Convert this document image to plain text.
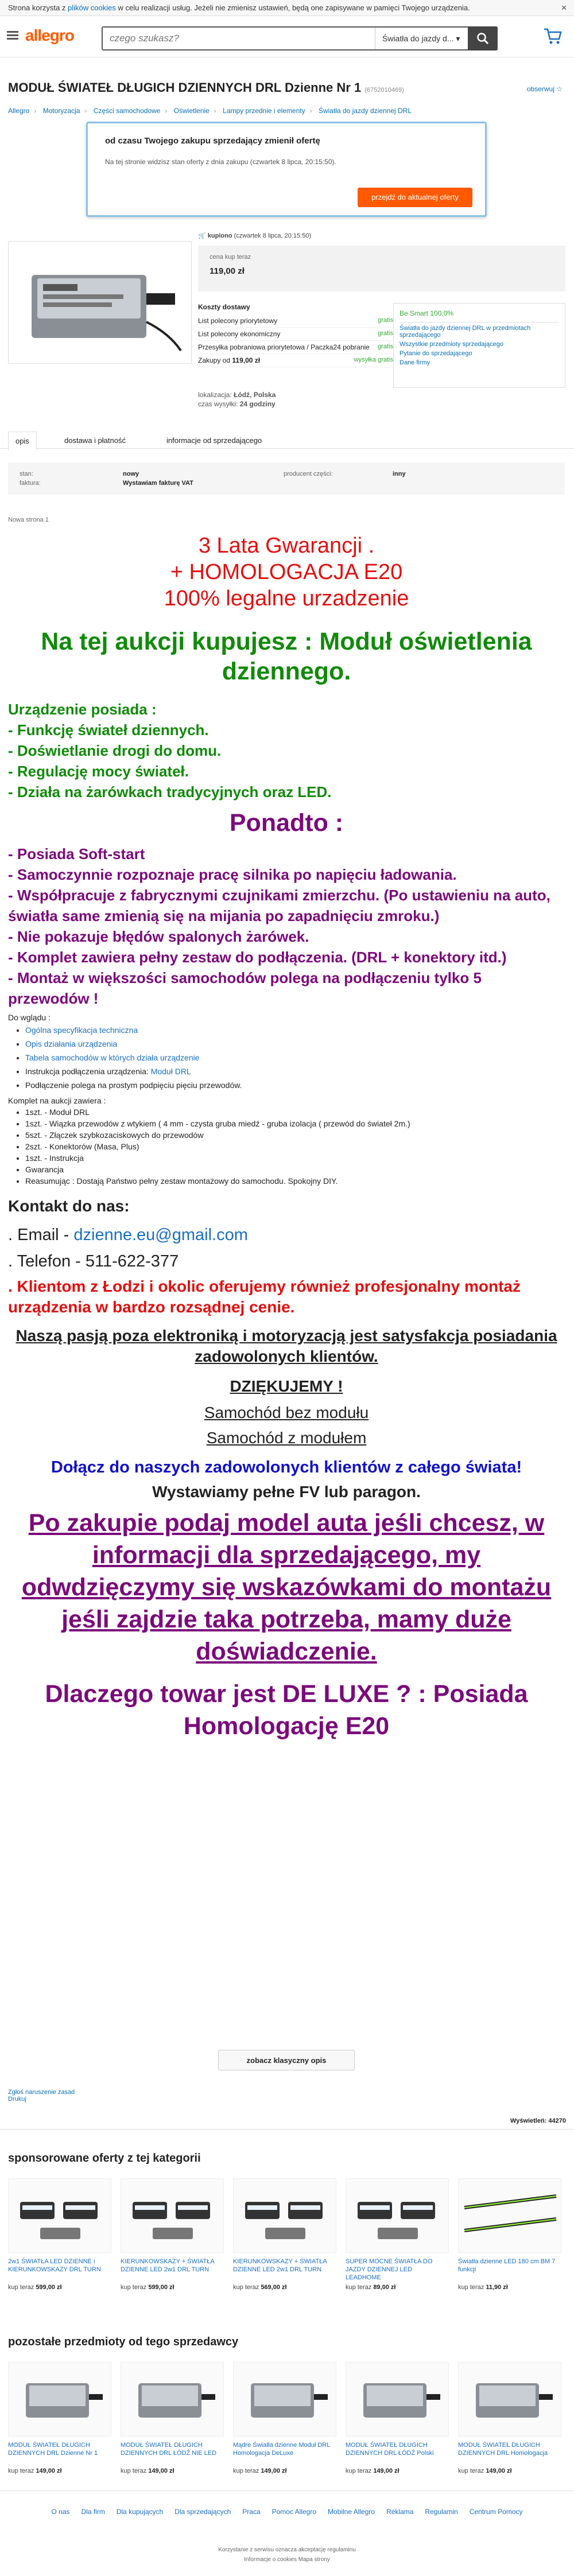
Strona korzysta z plików cookies w celu realizacji usług. Jeżeli nie zmienisz ustawień, będą one zapisywane w pamięci Twojego urządzenia.	✕
allegro
czego szukasz?	Światła do jazdy d... ▾
MODUŁ ŚWIATEŁ DŁUGICH DZIENNYCH DRL Dzienne Nr 1 (6752010469)	obserwuj ☆
Allegro › Motoryzacja › Części samochodowe › Oświetlenie › Lampy przednie i elementy › Światła do jazdy dziennej DRL
od czasu Twojego zakupu sprzedający zmienił ofertę

Na tej stronie widzisz stan oferty z dnia zakupu (czwartek 8 lipca, 20:15:50).

przejdź do aktualnej oferty
🛒 kupiono (czwartek 8 lipca, 20:15:50)
cena kup teraz
119,00 zł
Koszty dostawy
List polecony priorytetowy	gratis
List polecony ekonomiczny	gratis
Przesyłka pobraniowa priorytetowa / Paczka24 pobranie gratis
Zakupy od 119,00 zł	wysyłka gratis
lokalizacja: Łódź, Polska
czas wysyłki: 24 godziny
Be Smart 100,0%
Światła do jazdy dziennej DRL w przedmiotach sprzedającego
Wszystkie przedmioty sprzedającego
Pytanie do sprzedającego
Dane firmy
opis	dostawa i płatność	informacje od sprzedającego
stan:	nowy
faktura:	Wystawiam fakturę VAT
producent części:	inny
Nowa strona 1
3 Lata Gwarancji .
+ HOMOLOGACJA E20
100% legalne urzadzenie
Na tej aukcji kupujesz : Moduł oświetlenia dziennego.
Urządzenie posiada :
- Funkcję świateł dziennych.
- Doświetlanie drogi do domu.
- Regulację mocy świateł.
- Działa na żarówkach tradycyjnych oraz LED.
Ponadto :
- Posiada Soft-start
- Samoczynnie rozpoznaje pracę silnika po napięciu ładowania.
- Współpracuje z fabrycznymi czujnikami zmierzchu. (Po ustawieniu na auto, światła same zmienią się na mijania po zapadnięciu zmroku.)
- Nie pokazuje błędów spalonych żarówek.
- Komplet zawiera pełny zestaw do podłączenia. (DRL + konektory itd.)
- Montaż w większości samochodów polega na podłączeniu tylko 5 przewodów !
Do wglądu :
• Ogólna specyfikacja techniczna
• Opis działania urządzenia
• Tabela samochodów w których działa urządzenie
• Instrukcja podłączenia urządzenia: Moduł DRL
• Podłączenie polega na prostym podpięciu pięciu przewodów.
Komplet na aukcji zawiera :
• 1szt. - Moduł DRL
• 1szt. - Wiązka przewodów z wtykiem ( 4 mm - czysta gruba miedź - gruba izolacja ( przewód do świateł 2m.)
• 5szt. - Złączek szybkozaciskowych do przewodów
• 2szt. - Konektorów (Masa, Plus)
• 1szt. - Instrukcja
• Gwarancja
• Reasumując : Dostają Państwo pełny zestaw montażowy do samochodu. Spokojny DIY.
Kontakt do nas:
. Email - dzienne.eu@gmail.com
. Telefon - 511-622-377
. Klientom z Łodzi i okolic oferujemy również profesjonalny montaż urządzenia w bardzo rozsądnej cenie.
Naszą pasją poza elektroniką i motoryzacją jest satysfakcja posiadania zadowolonych klientów.
DZIĘKUJEMY !
Samochód bez modułu
Samochód z modułem
Dołącz do naszych zadowolonych klientów z całego świata!
Wystawiamy pełne FV lub paragon.
Po zakupie podaj model auta jeśli chcesz, w informacji dla sprzedającego, my odwdzięczymy się wskazówkami do montażu jeśli zajdzie taka potrzeba, mamy duże doświadczenie.
Dlaczego towar jest DE LUXE ? : Posiada Homologację E20
zobacz klasyczny opis
Zgłoś naruszenie zasad
Drukuj
Wyświetleń: 44270
sponsorowane oferty z tej kategorii
pozostałe przedmioty od tego sprzedawcy
O nas Dla firm Dla kupujących Dla sprzedających Praca Pomoc Allegro Mobilne Allegro Reklama Regulamin Centrum Pomocy
Korzystanie z serwisu oznacza akceptację regulaminu
Informacje o cookies Mapa strony
2w1 ŚWIATŁA LED DZIENNE i KIERUNKOWSKAZY DRL TURN
kup teraz 599,00 zł
KIERUNKOWSKAZY + ŚWIATŁA DZIENNE LED 2w1 DRL TURN
kup teraz 599,00 zł
KIERUNKOWSKAZY + ŚWIATŁA DZIENNE LED 2w1 DRL TURN
kup teraz 569,00 zł
SUPER MOCNE ŚWIATŁA DO JAZDY DZIENNEJ LED LEADHOME
kup teraz 89,00 zł
Światła dzienne LED 180 cm BM 7 funkcji
kup teraz 11,90 zł
MODUŁ ŚWIATEŁ DŁUGICH DZIENNYCH DRL Dzienne Nr 1
kup teraz 149,00 zł
MODUŁ ŚWIATEŁ DŁUGICH DZIENNYCH DRL ŁÓDŹ NIE LED
kup teraz 149,00 zł
Mądre Światła dzienne Moduł DRL Homologacja DeLuxe
kup teraz 149,00 zł
MODUŁ ŚWIATEŁ DŁUGICH DZIENNYCH DRL ŁÓDŹ Polski
kup teraz 149,00 zł
MODUŁ ŚWIATEŁ DŁUGICH DZIENNYCH DRL Homologacja
kup teraz 149,00 zł
